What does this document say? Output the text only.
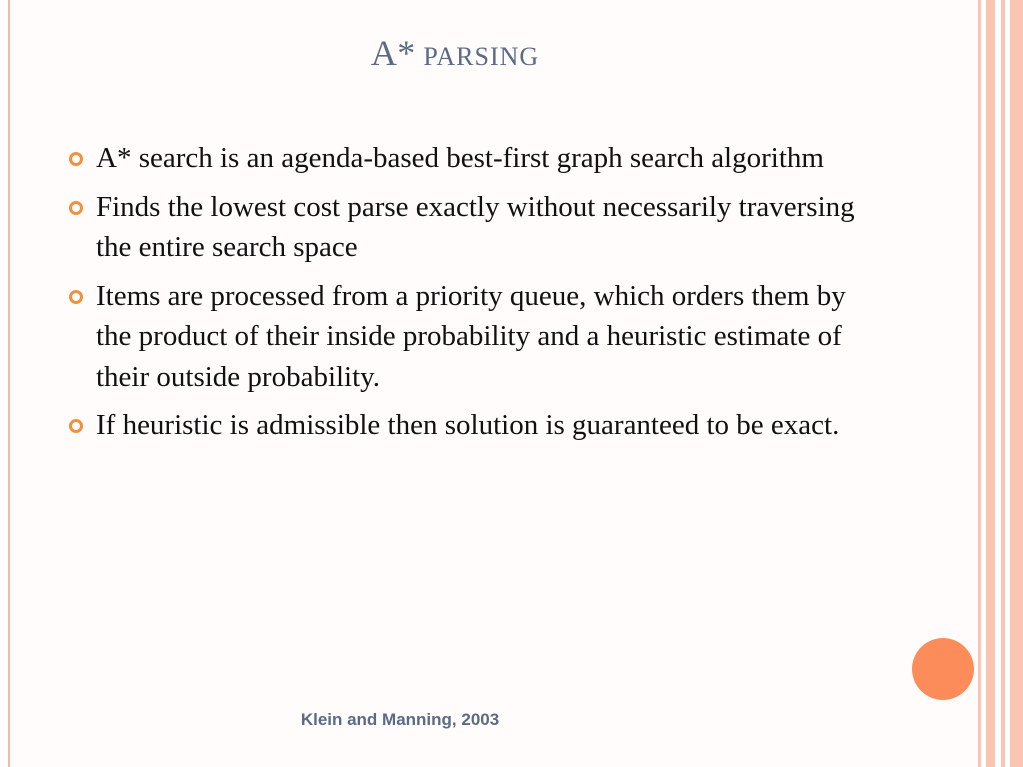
A* PARSING
A* search is an agenda-based best-first graph search algorithm
Finds the lowest cost parse exactly without necessarily traversing the entire search space
Items are processed from a priority queue, which orders them by the product of their inside probability and a heuristic estimate of their outside probability.
If heuristic is admissible then solution is guaranteed to be exact.
Klein and Manning, 2003
